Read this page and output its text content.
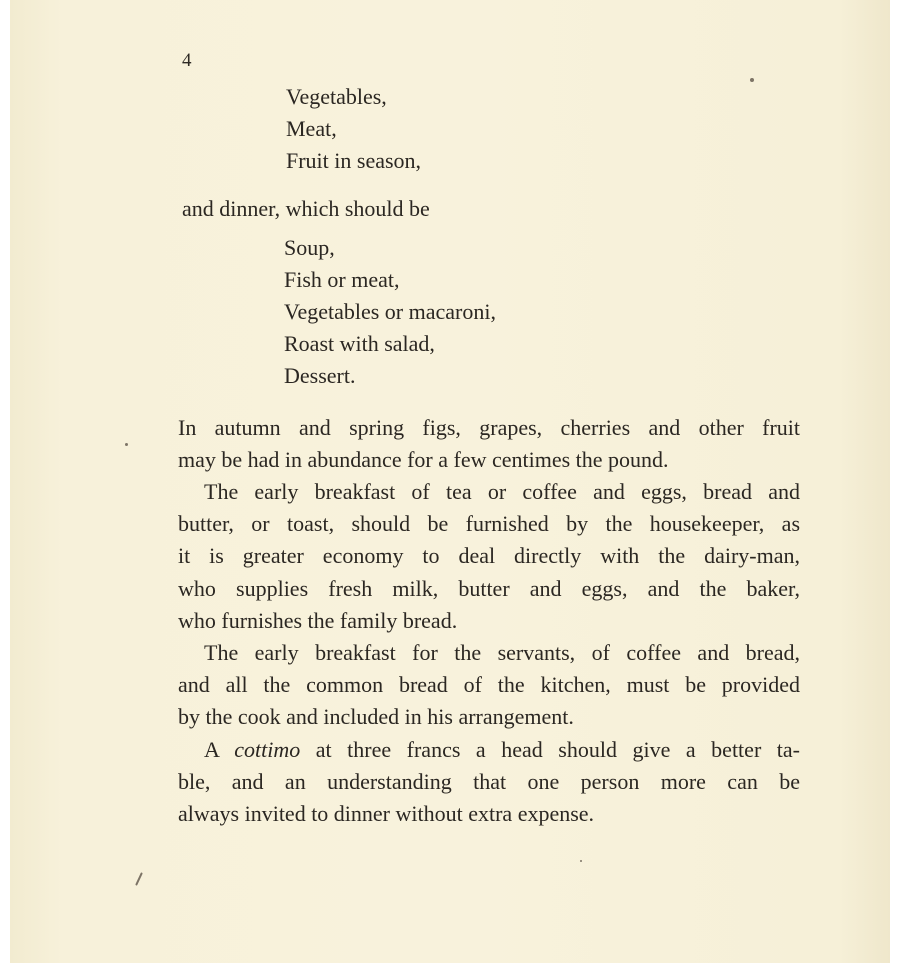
4

Vegetables,

Meat,

Fruit in season,

and dinner, which should be

Soup,

Fish or meat,

Vegetables or macaroni,

Roast with salad,

Dessert.

In autumn and spring figs, grapes, cherries and other fruit
may be had in abundance for a few centimes the pound.
The early breakfast of tea or coffee and eggs, bread and
butter, or toast, should be furnished by the housekeeper, as
it is greater economy to deal directly with the dairy-man,
who supplies fresh milk, butter and eggs, and the baker,
who furnishes the family bread.
The early breakfast for the servants, of coffee and bread,
and all the common bread of the kitchen, must be provided
by the cook and included in his arrangement.
A cottimo at three francs a head should give a better ta-
ble, and an understanding that one person more can be
always invited to dinner without extra expense.
